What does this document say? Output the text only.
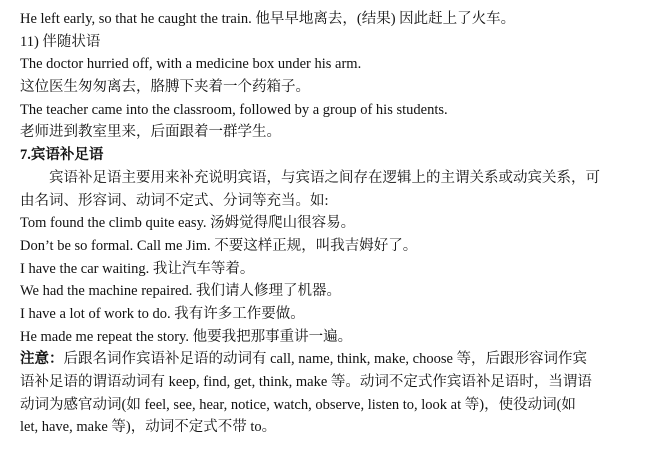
He left early, so that he caught the train. 他早早地离去，(结果) 因此赶上了火车。
11) 伴随状语
The doctor hurried off, with a medicine box under his arm.
这位医生匆匆离去，胳膊下夹着一个药箱子。
The teacher came into the classroom, followed by a group of his students.
老师进到教室里来，后面跟着一群学生。
7.宾语补足语
宾语补足语主要用来补充说明宾语，与宾语之间存在逻辑上的主谓关系或动宾关系，可
由名词、形容词、动词不定式、分词等充当。如:
Tom found the climb quite easy. 汤姆觉得爬山很容易。
Don’t be so formal. Call me Jim. 不要这样正规，叫我吉姆好了。
I have the car waiting. 我让汽车等着。
We had the machine repaired. 我们请人修理了机器。
I have a lot of work to do. 我有许多工作要做。
He made me repeat the story. 他要我把那事重讲一遍。
注意：后跟名词作宾语补足语的动词有 call, name, think, make, choose 等，后跟形容词作宾
语补足语的谓语动词有 keep, find, get, think, make 等。动词不定式作宾语补足语时，当谓语
动词为感官动词(如 feel, see, hear, notice, watch, observe, listen to, look at 等)，使役动词(如
let, have, make 等)，动词不定式不带 to。
